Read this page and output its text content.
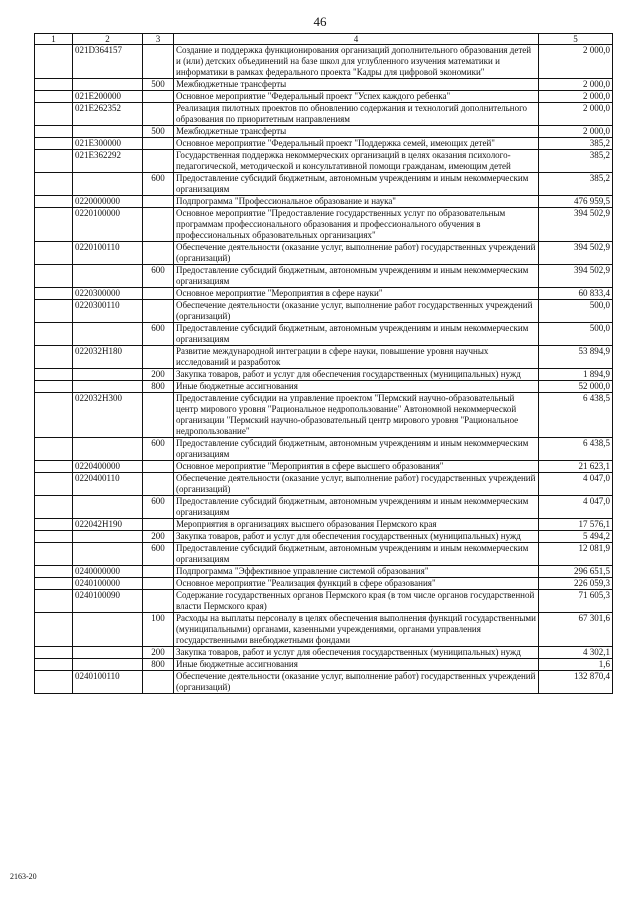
46
1	2	3	4	5
	021D364157		Создание и поддержка функционирования организаций дополнительного образования детей и (или) детских объединений на базе школ для углубленного изучения математики и информатики в рамках федерального проекта "Кадры для цифровой экономики"	2 000,0
		500	Межбюджетные трансферты	2 000,0
	021E200000		Основное мероприятие "Федеральный проект "Успех каждого ребенка"	2 000,0
	021E262352		Реализация пилотных проектов по обновлению содержания и технологий дополнительного образования по приоритетным направлениям	2 000,0
		500	Межбюджетные трансферты	2 000,0
	021E300000		Основное мероприятие "Федеральный проект "Поддержка семей, имеющих детей"	385,2
	021E362292		Государственная поддержка некоммерческих организаций в целях оказания психолого-педагогической, методической и консультативной помощи гражданам, имеющим детей	385,2
		600	Предоставление субсидий бюджетным, автономным учреждениям и иным некоммерческим организациям	385,2
	0220000000		Подпрограмма "Профессиональное образование и наука"	476 959,5
	0220100000		Основное мероприятие "Предоставление государственных услуг по образовательным программам профессионального образования и профессионального обучения в профессиональных образовательных организациях"	394 502,9
	0220100110		Обеспечение деятельности (оказание услуг, выполнение работ) государственных учреждений (организаций)	394 502,9
		600	Предоставление субсидий бюджетным, автономным учреждениям и иным некоммерческим организациям	394 502,9
	0220300000		Основное мероприятие "Мероприятия в сфере науки"	60 833,4
	0220300110		Обеспечение деятельности (оказание услуг, выполнение работ государственных учреждений (организаций)	500,0
		600	Предоставление субсидий бюджетным, автономным учреждениям и иным некоммерческим организациям	500,0
	022032Н180		Развитие международной интеграции в сфере науки, повышение уровня научных исследований и разработок	53 894,9
		200	Закупка товаров, работ и услуг для обеспечения государственных (муниципальных) нужд	1 894,9
		800	Иные бюджетные ассигнования	52 000,0
	022032Н300		Предоставление субсидии на управление проектом "Пермский научно-образовательный центр мирового уровня "Рациональное недропользование" Автономной некоммерческой организации "Пермский научно-образовательный центр мирового уровня "Рациональное недропользование"	6 438,5
		600	Предоставление субсидий бюджетным, автономным учреждениям и иным некоммерческим организациям	6 438,5
	0220400000		Основное мероприятие "Мероприятия в сфере высшего образования"	21 623,1
	0220400110		Обеспечение деятельности (оказание услуг, выполнение работ) государственных учреждений (организаций)	4 047,0
		600	Предоставление субсидий бюджетным, автономным учреждениям и иным некоммерческим организациям	4 047,0
	022042Н190		Мероприятия в организациях высшего образования Пермского края	17 576,1
		200	Закупка товаров, работ и услуг для обеспечения государственных (муниципальных) нужд	5 494,2
		600	Предоставление субсидий бюджетным, автономным учреждениям и иным некоммерческим организациям	12 081,9
	0240000000		Подпрограмма "Эффективное управление системой образования"	296 651,5
	0240100000		Основное мероприятие "Реализация функций в сфере образования"	226 059,3
	0240100090		Содержание государственных органов Пермского края (в том числе органов государственной власти Пермского края)	71 605,3
		100	Расходы на выплаты персоналу в целях обеспечения выполнения функций государственными (муниципальными) органами, казенными учреждениями, органами управления государственными внебюджетными фондами	67 301,6
		200	Закупка товаров, работ и услуг для обеспечения государственных (муниципальных) нужд	4 302,1
		800	Иные бюджетные ассигнования	1,6
	0240100110		Обеспечение деятельности (оказание услуг, выполнение работ) государственных учреждений (организаций)	132 870,4
2163-20
